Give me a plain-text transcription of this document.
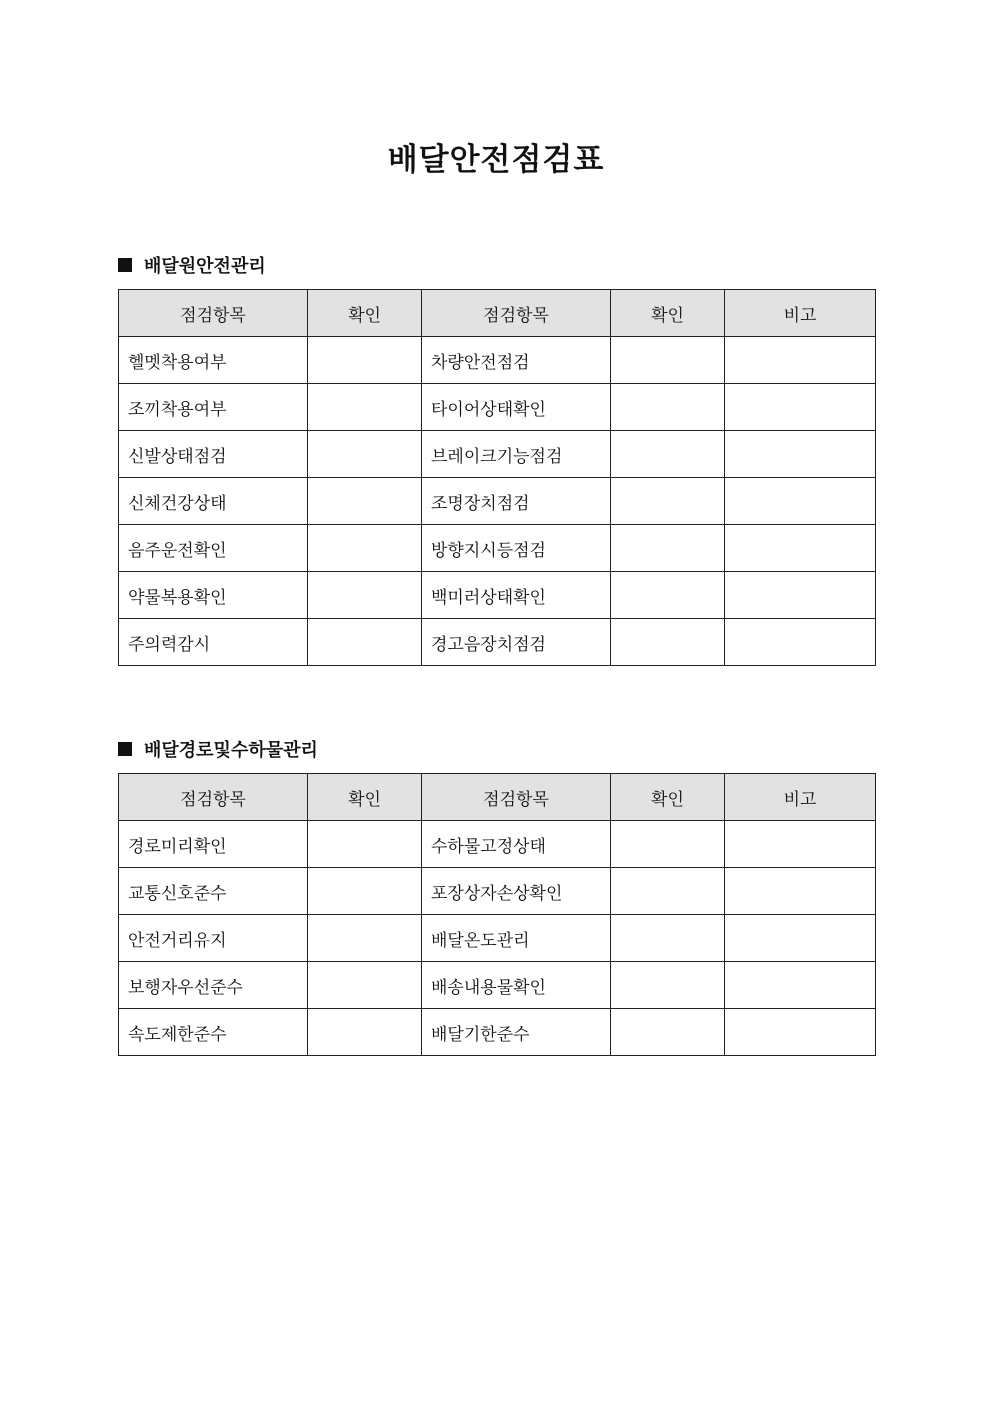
배달안전점검표
배달원안전관리
점검항목	확인	점검항목	확인	비고
헬멧착용여부		차량안전점검		
조끼착용여부		타이어상태확인		
신발상태점검		브레이크기능점검		
신체건강상태		조명장치점검		
음주운전확인		방향지시등점검		
약물복용확인		백미러상태확인		
주의력감시		경고음장치점검		
배달경로및수하물관리
점검항목	확인	점검항목	확인	비고
경로미리확인		수하물고정상태		
교통신호준수		포장상자손상확인		
안전거리유지		배달온도관리		
보행자우선준수		배송내용물확인		
속도제한준수		배달기한준수		
